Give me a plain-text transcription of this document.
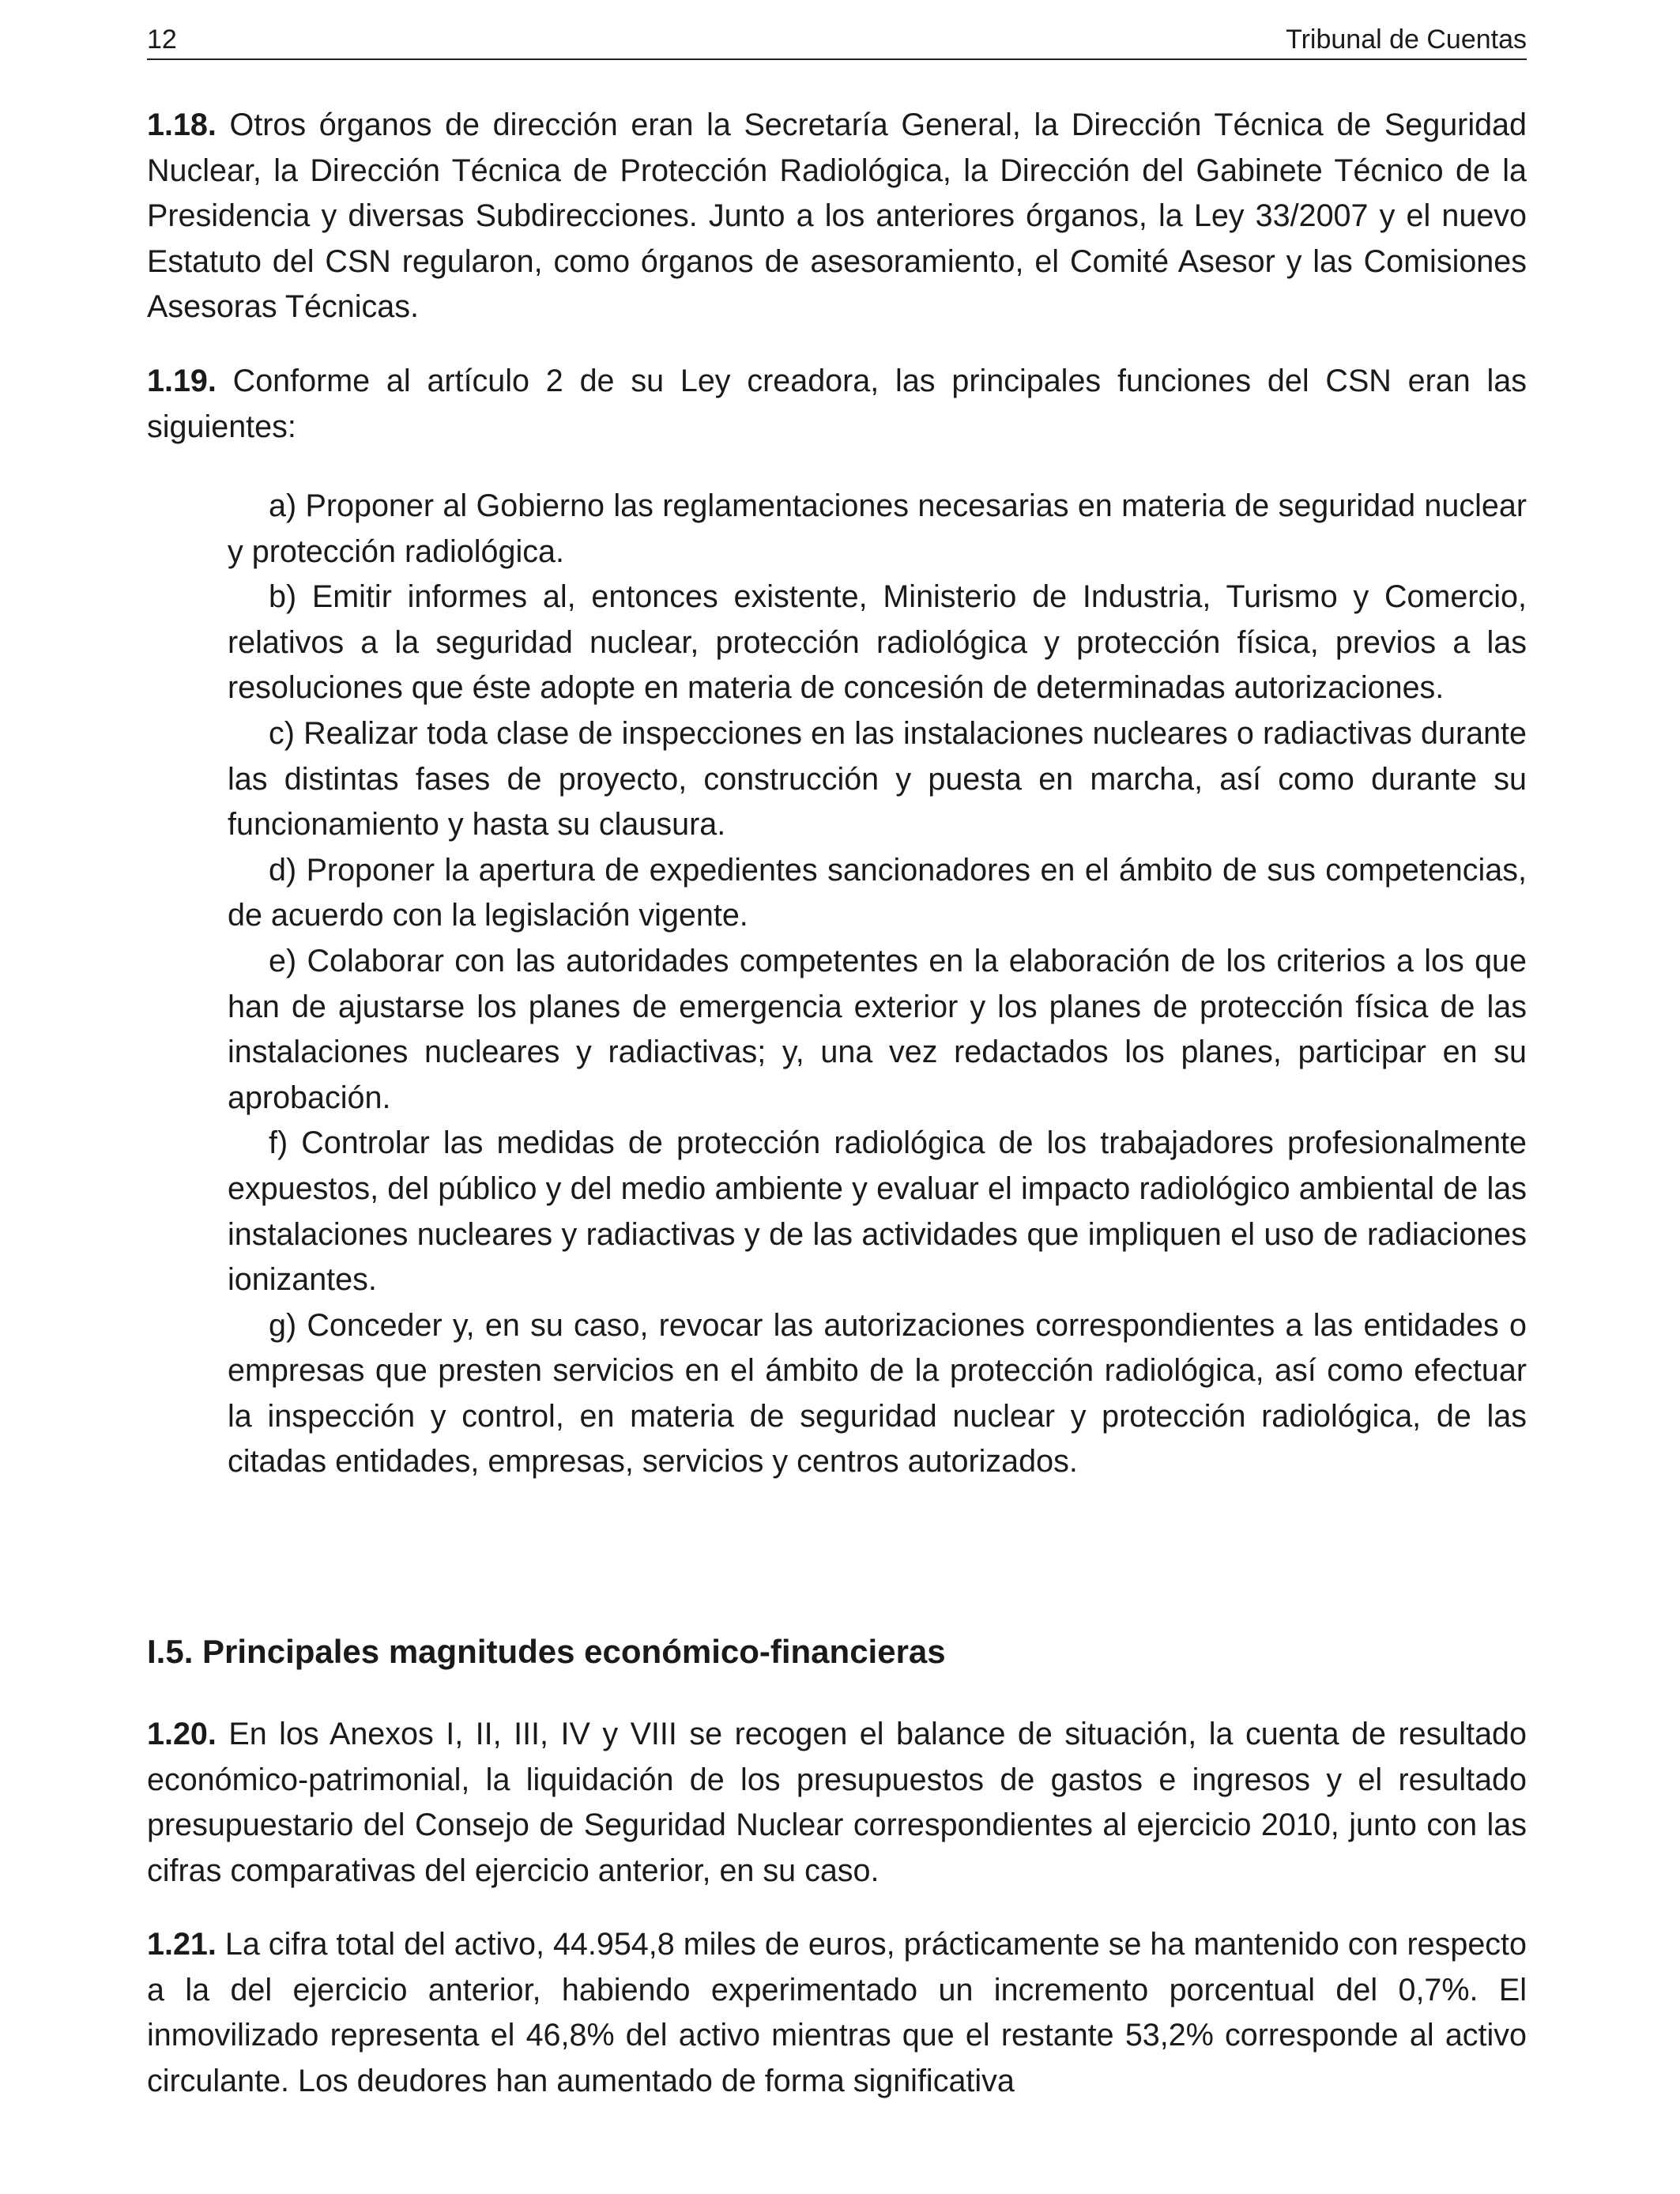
12	Tribunal de Cuentas

1.18. Otros órganos de dirección eran la Secretaría General, la Dirección Técnica de Seguridad Nuclear, la Dirección Técnica de Protección Radiológica, la Dirección del Gabinete Técnico de la Presidencia y diversas Subdirecciones. Junto a los anteriores órganos, la Ley 33/2007 y el nuevo Estatuto del CSN regularon, como órganos de asesoramiento, el Comité Asesor y las Comisiones Asesoras Técnicas.

1.19. Conforme al artículo 2 de su Ley creadora, las principales funciones del CSN eran las siguientes:

a) Proponer al Gobierno las reglamentaciones necesarias en materia de seguridad nuclear y protección radiológica.

b) Emitir informes al, entonces existente, Ministerio de Industria, Turismo y Comercio, relativos a la seguridad nuclear, protección radiológica y protección física, previos a las resoluciones que éste adopte en materia de concesión de determinadas autorizaciones.

c) Realizar toda clase de inspecciones en las instalaciones nucleares o radiactivas durante las distintas fases de proyecto, construcción y puesta en marcha, así como durante su funcionamiento y hasta su clausura.

d) Proponer la apertura de expedientes sancionadores en el ámbito de sus competencias, de acuerdo con la legislación vigente.

e) Colaborar con las autoridades competentes en la elaboración de los criterios a los que han de ajustarse los planes de emergencia exterior y los planes de protección física de las instalaciones nucleares y radiactivas; y, una vez redactados los planes, participar en su aprobación.

f) Controlar las medidas de protección radiológica de los trabajadores profesionalmente expuestos, del público y del medio ambiente y evaluar el impacto radiológico ambiental de las instalaciones nucleares y radiactivas y de las actividades que impliquen el uso de radiaciones ionizantes.

g) Conceder y, en su caso, revocar las autorizaciones correspondientes a las entidades o empresas que presten servicios en el ámbito de la protección radiológica, así como efectuar la inspección y control, en materia de seguridad nuclear y protección radiológica, de las citadas entidades, empresas, servicios y centros autorizados.

I.5. Principales magnitudes económico-financieras

1.20. En los Anexos I, II, III, IV y VIII se recogen el balance de situación, la cuenta de resultado económico-patrimonial, la liquidación de los presupuestos de gastos e ingresos y el resultado presupuestario del Consejo de Seguridad Nuclear correspondientes al ejercicio 2010, junto con las cifras comparativas del ejercicio anterior, en su caso.

1.21. La cifra total del activo, 44.954,8 miles de euros, prácticamente se ha mantenido con respecto a la del ejercicio anterior, habiendo experimentado un incremento porcentual del 0,7%. El inmovilizado representa el 46,8% del activo mientras que el restante 53,2% corresponde al activo circulante. Los deudores han aumentado de forma significativa
